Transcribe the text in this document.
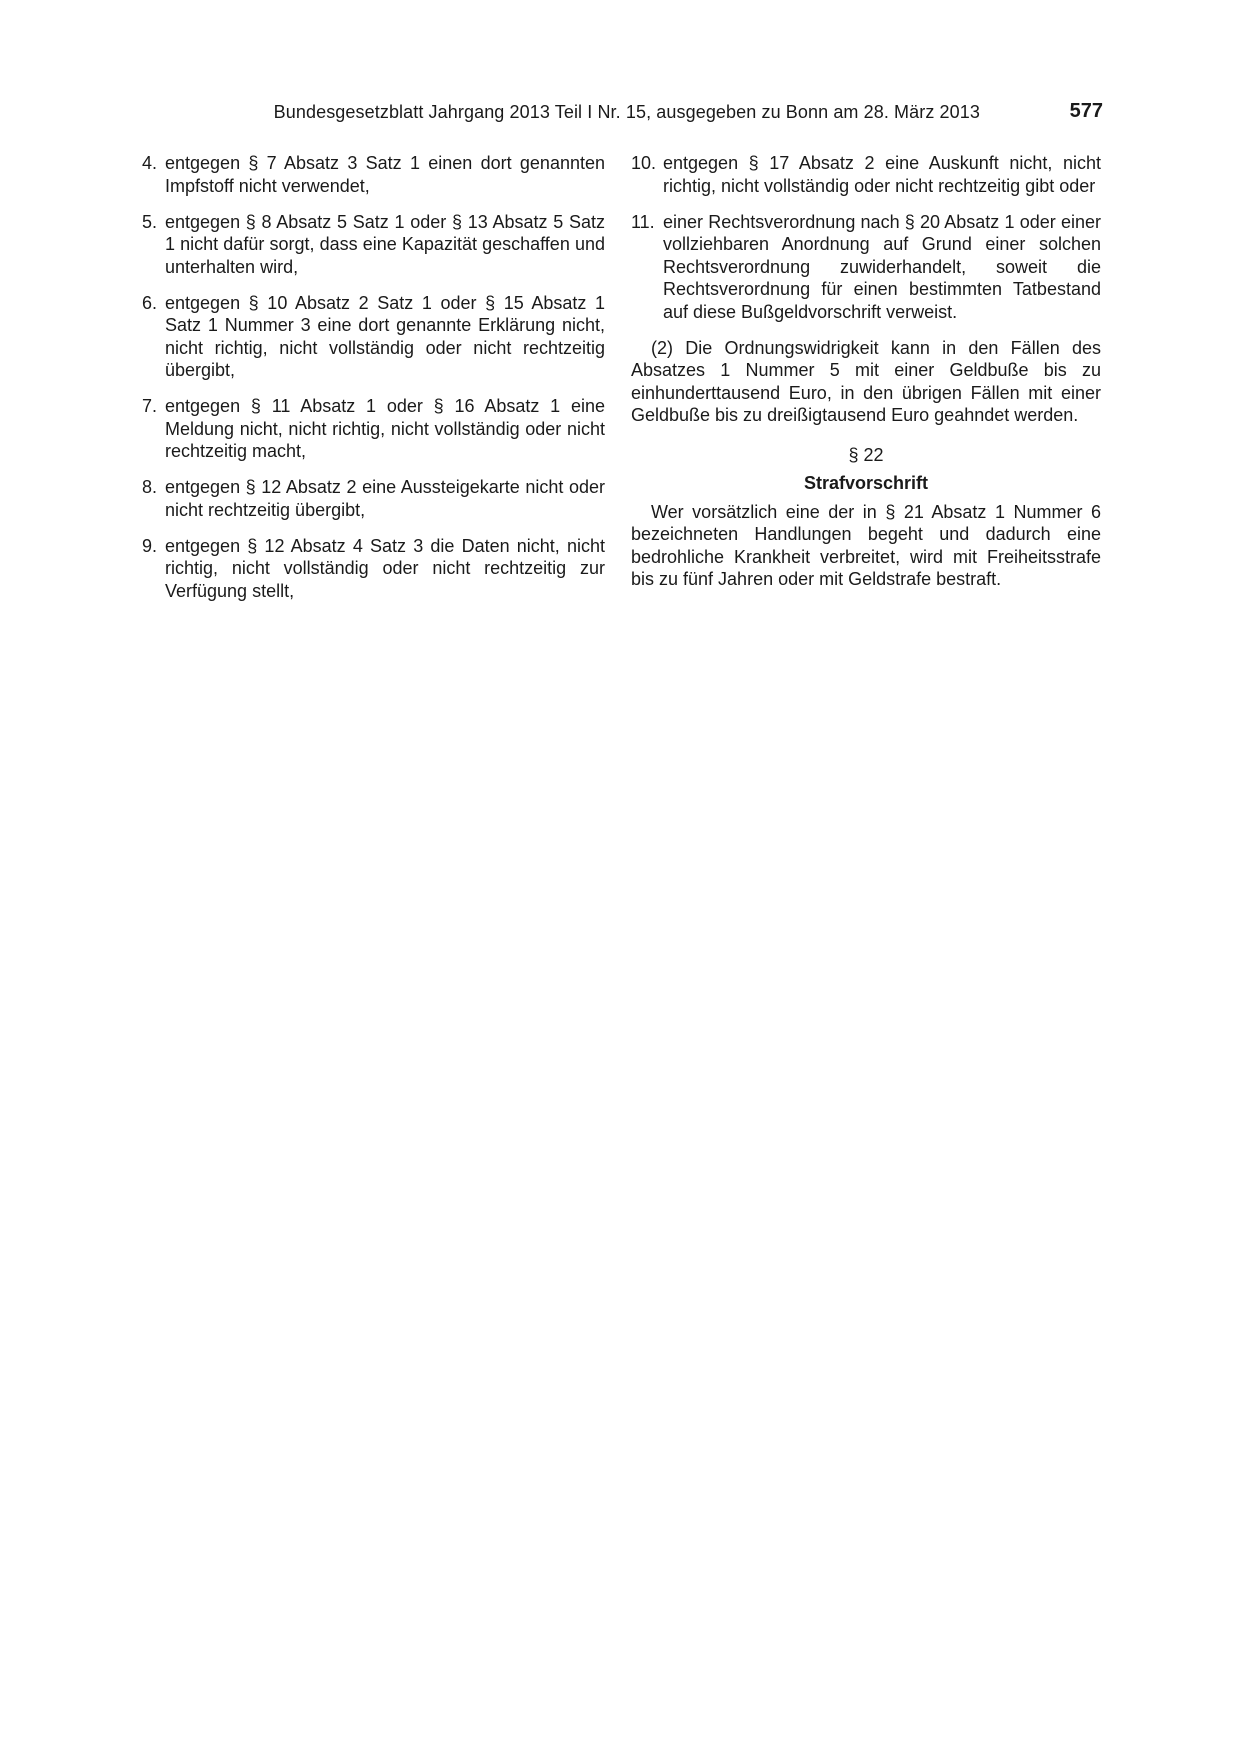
Bundesgesetzblatt Jahrgang 2013 Teil I Nr. 15, ausgegeben zu Bonn am 28. März 2013	577
4. entgegen § 7 Absatz 3 Satz 1 einen dort genannten Impfstoff nicht verwendet,
5. entgegen § 8 Absatz 5 Satz 1 oder § 13 Absatz 5 Satz 1 nicht dafür sorgt, dass eine Kapazität geschaffen und unterhalten wird,
6. entgegen § 10 Absatz 2 Satz 1 oder § 15 Absatz 1 Satz 1 Nummer 3 eine dort genannte Erklärung nicht, nicht richtig, nicht vollständig oder nicht rechtzeitig übergibt,
7. entgegen § 11 Absatz 1 oder § 16 Absatz 1 eine Meldung nicht, nicht richtig, nicht vollständig oder nicht rechtzeitig macht,
8. entgegen § 12 Absatz 2 eine Aussteigekarte nicht oder nicht rechtzeitig übergibt,
9. entgegen § 12 Absatz 4 Satz 3 die Daten nicht, nicht richtig, nicht vollständig oder nicht rechtzeitig zur Verfügung stellt,
10. entgegen § 17 Absatz 2 eine Auskunft nicht, nicht richtig, nicht vollständig oder nicht rechtzeitig gibt oder
11. einer Rechtsverordnung nach § 20 Absatz 1 oder einer vollziehbaren Anordnung auf Grund einer solchen Rechtsverordnung zuwiderhandelt, soweit die Rechtsverordnung für einen bestimmten Tatbestand auf diese Bußgeldvorschrift verweist.

(2) Die Ordnungswidrigkeit kann in den Fällen des Absatzes 1 Nummer 5 mit einer Geldbuße bis zu einhunderttausend Euro, in den übrigen Fällen mit einer Geldbuße bis zu dreißigtausend Euro geahndet werden.

§ 22
Strafvorschrift

Wer vorsätzlich eine der in § 21 Absatz 1 Nummer 6 bezeichneten Handlungen begeht und dadurch eine bedrohliche Krankheit verbreitet, wird mit Freiheitsstrafe bis zu fünf Jahren oder mit Geldstrafe bestraft.
